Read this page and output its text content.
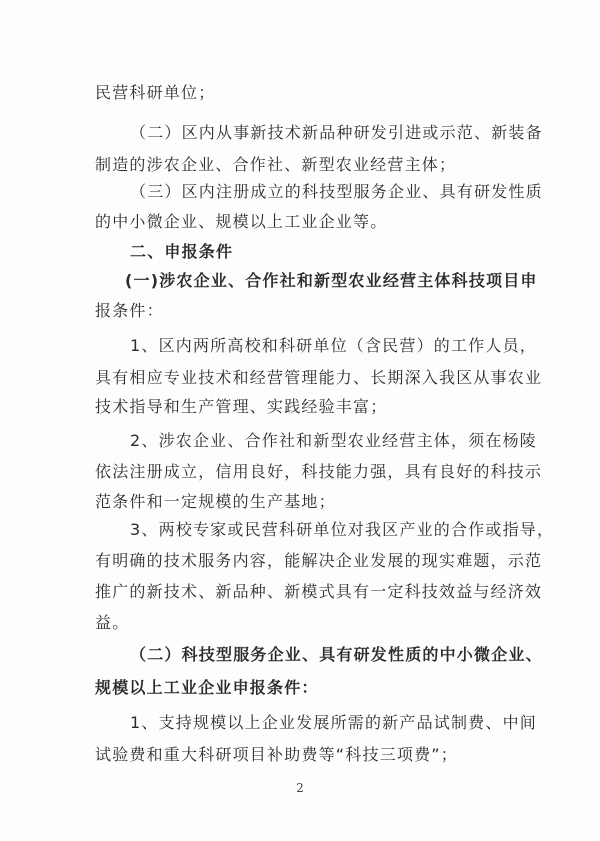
民营科研单位；
（二）区内从事新技术新品种研发引进或示范、新装备
制造的涉农企业、合作社、新型农业经营主体；
（三）区内注册成立的科技型服务企业、具有研发性质
的中小微企业、规模以上工业企业等。
二、申报条件
(一)涉农企业、合作社和新型农业经营主体科技项目申
报条件：
1、区内两所高校和科研单位（含民营）的工作人员，
具有相应专业技术和经营管理能力、长期深入我区从事农业
技术指导和生产管理、实践经验丰富；
2、涉农企业、合作社和新型农业经营主体，须在杨陵
依法注册成立，信用良好，科技能力强，具有良好的科技示
范条件和一定规模的生产基地；
3、两校专家或民营科研单位对我区产业的合作或指导，
有明确的技术服务内容，能解决企业发展的现实难题，示范
推广的新技术、新品种、新模式具有一定科技效益与经济效
益。
（二）科技型服务企业、具有研发性质的中小微企业、
规模以上工业企业申报条件：
1、支持规模以上企业发展所需的新产品试制费、中间
试验费和重大科研项目补助费等“科技三项费”；
2
